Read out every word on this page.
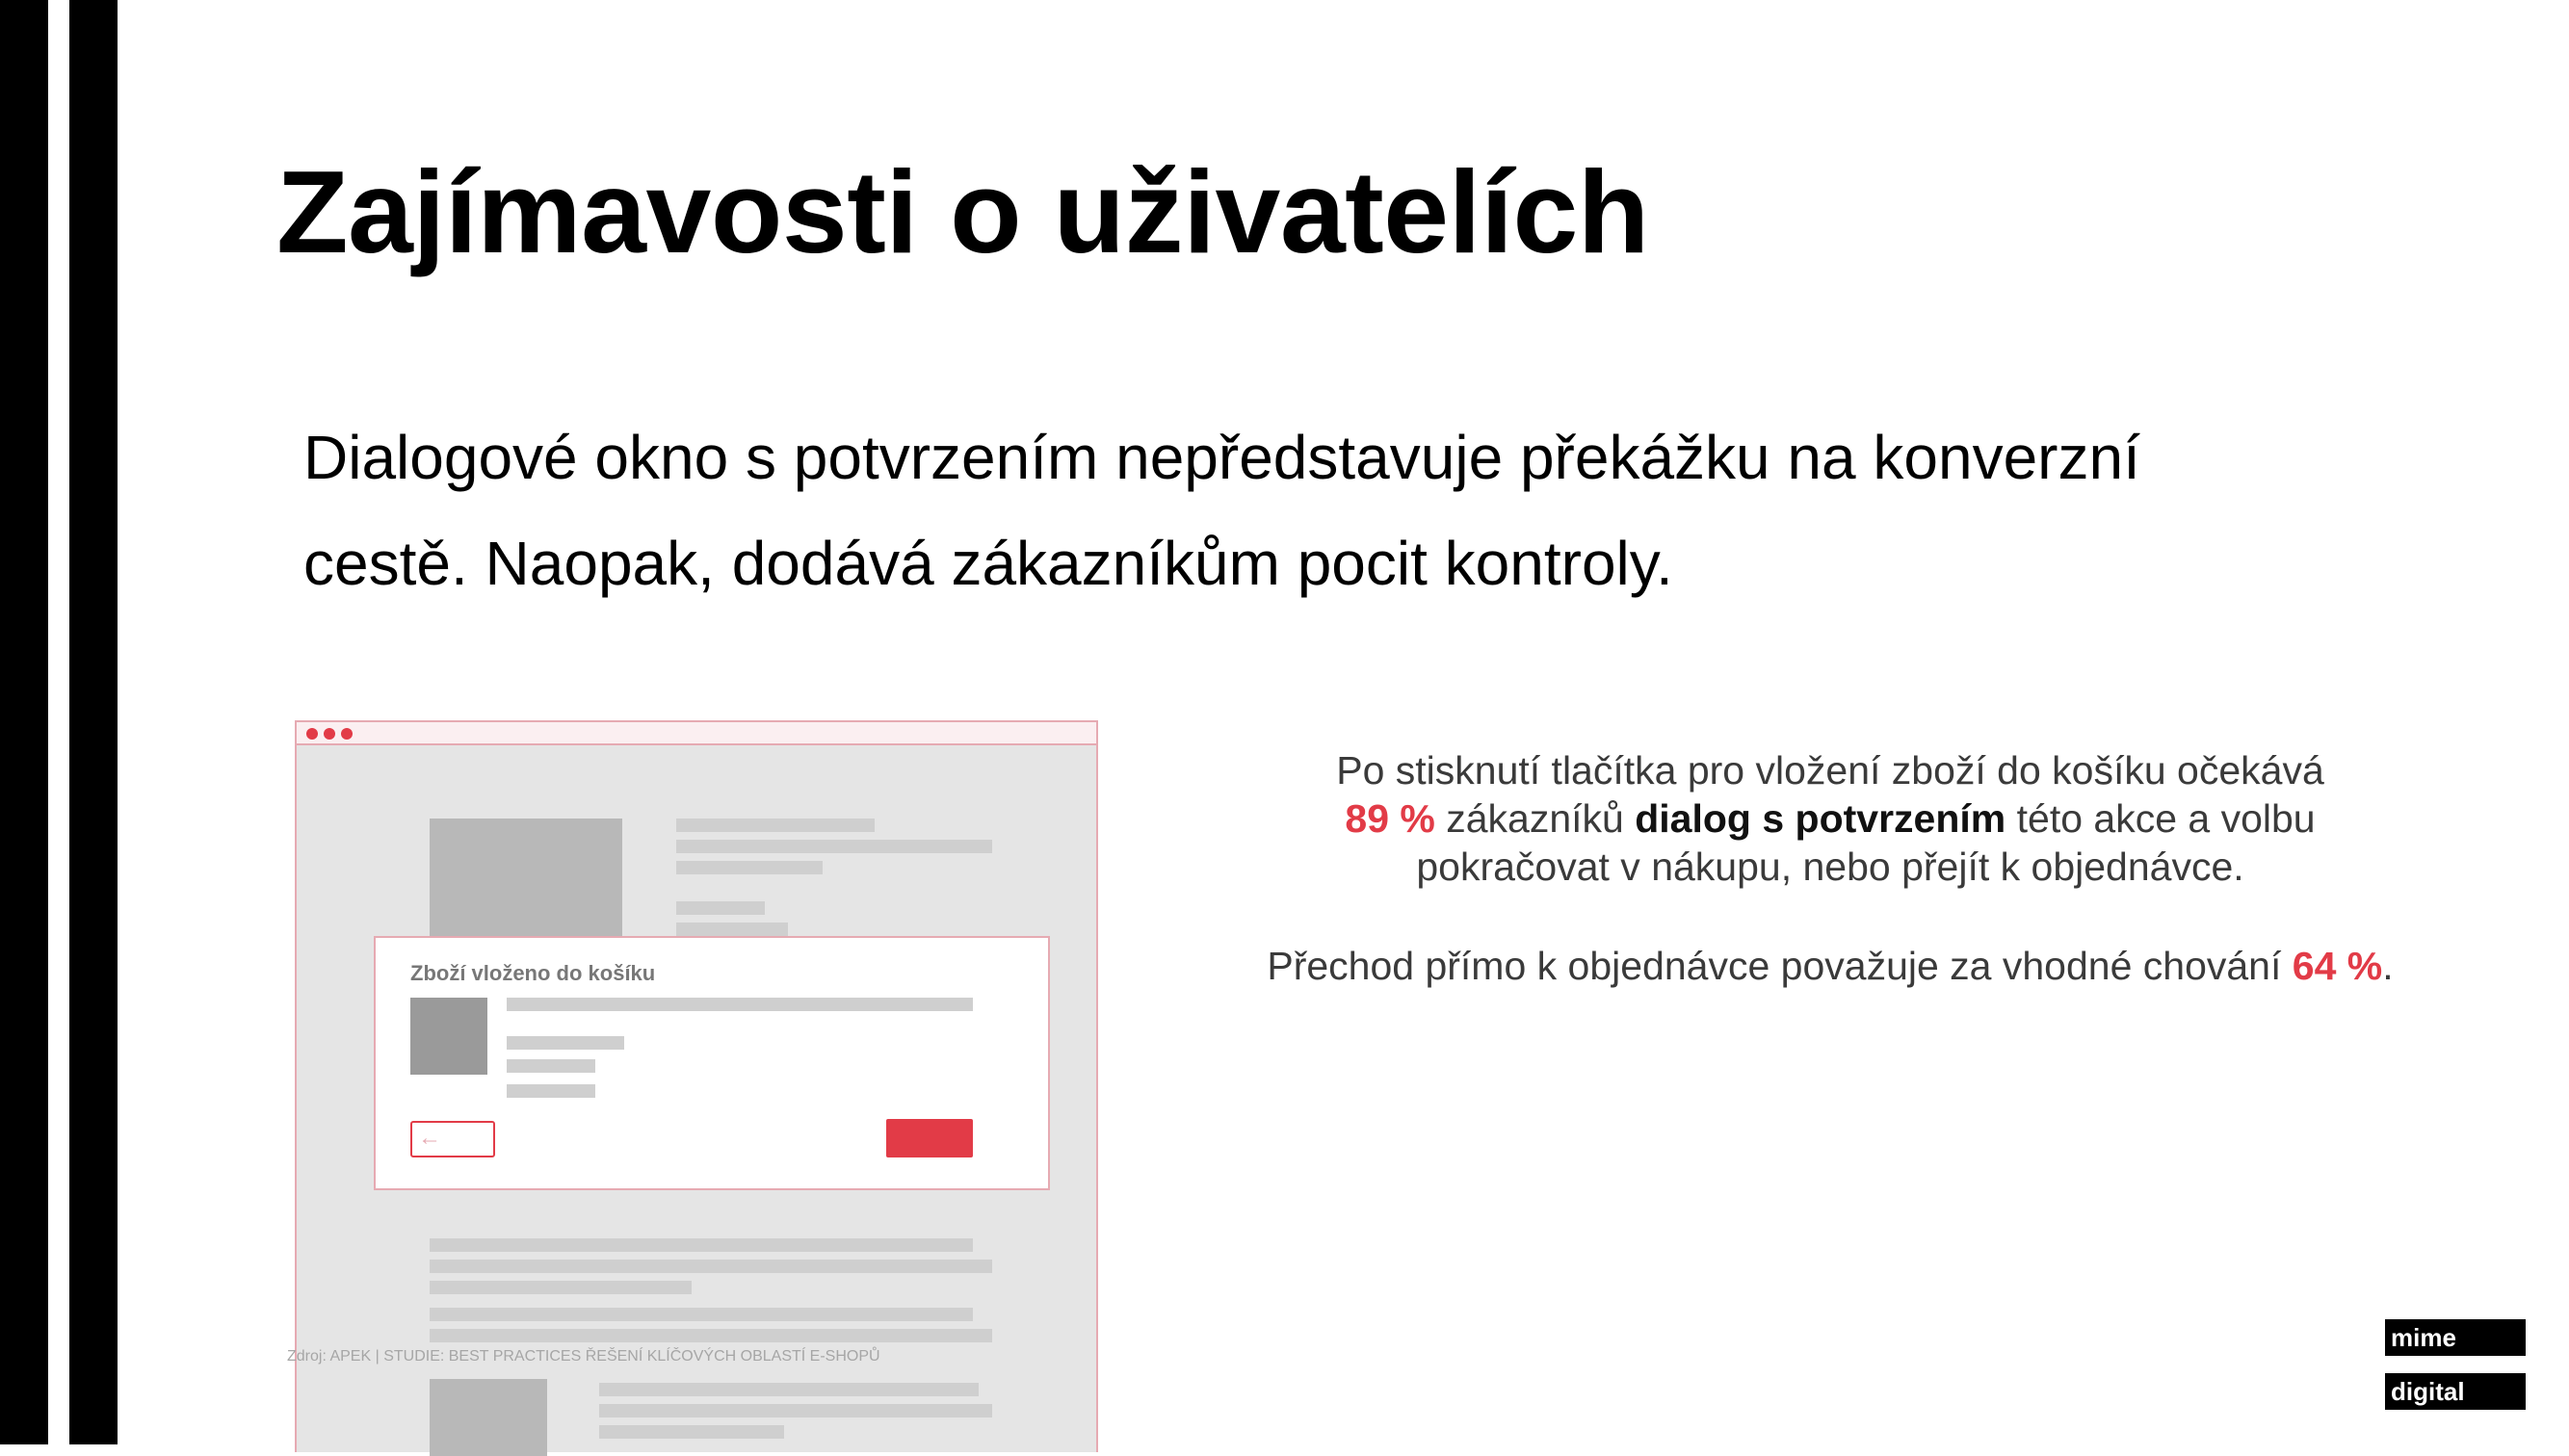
Zajímavosti o uživatelích

Dialogové okno s potvrzením nepředstavuje překážku na konverzní cestě. Naopak, dodává zákazníkům pocit kontroly.

Zboží vloženo do košíku
←
Zdroj: APEK | STUDIE: BEST PRACTICES ŘEŠENÍ KLÍČOVÝCH OBLASTÍ E-SHOPŮ
Po stisknutí tlačítka pro vložení zboží do košíku očekává
89 % zákazníků dialog s potvrzením této akce a volbu
pokračovat v nákupu, nebo přejít k objednávce.
Přechod přímo k objednávce považuje za vhodné chování 64 %.
mime
digital
